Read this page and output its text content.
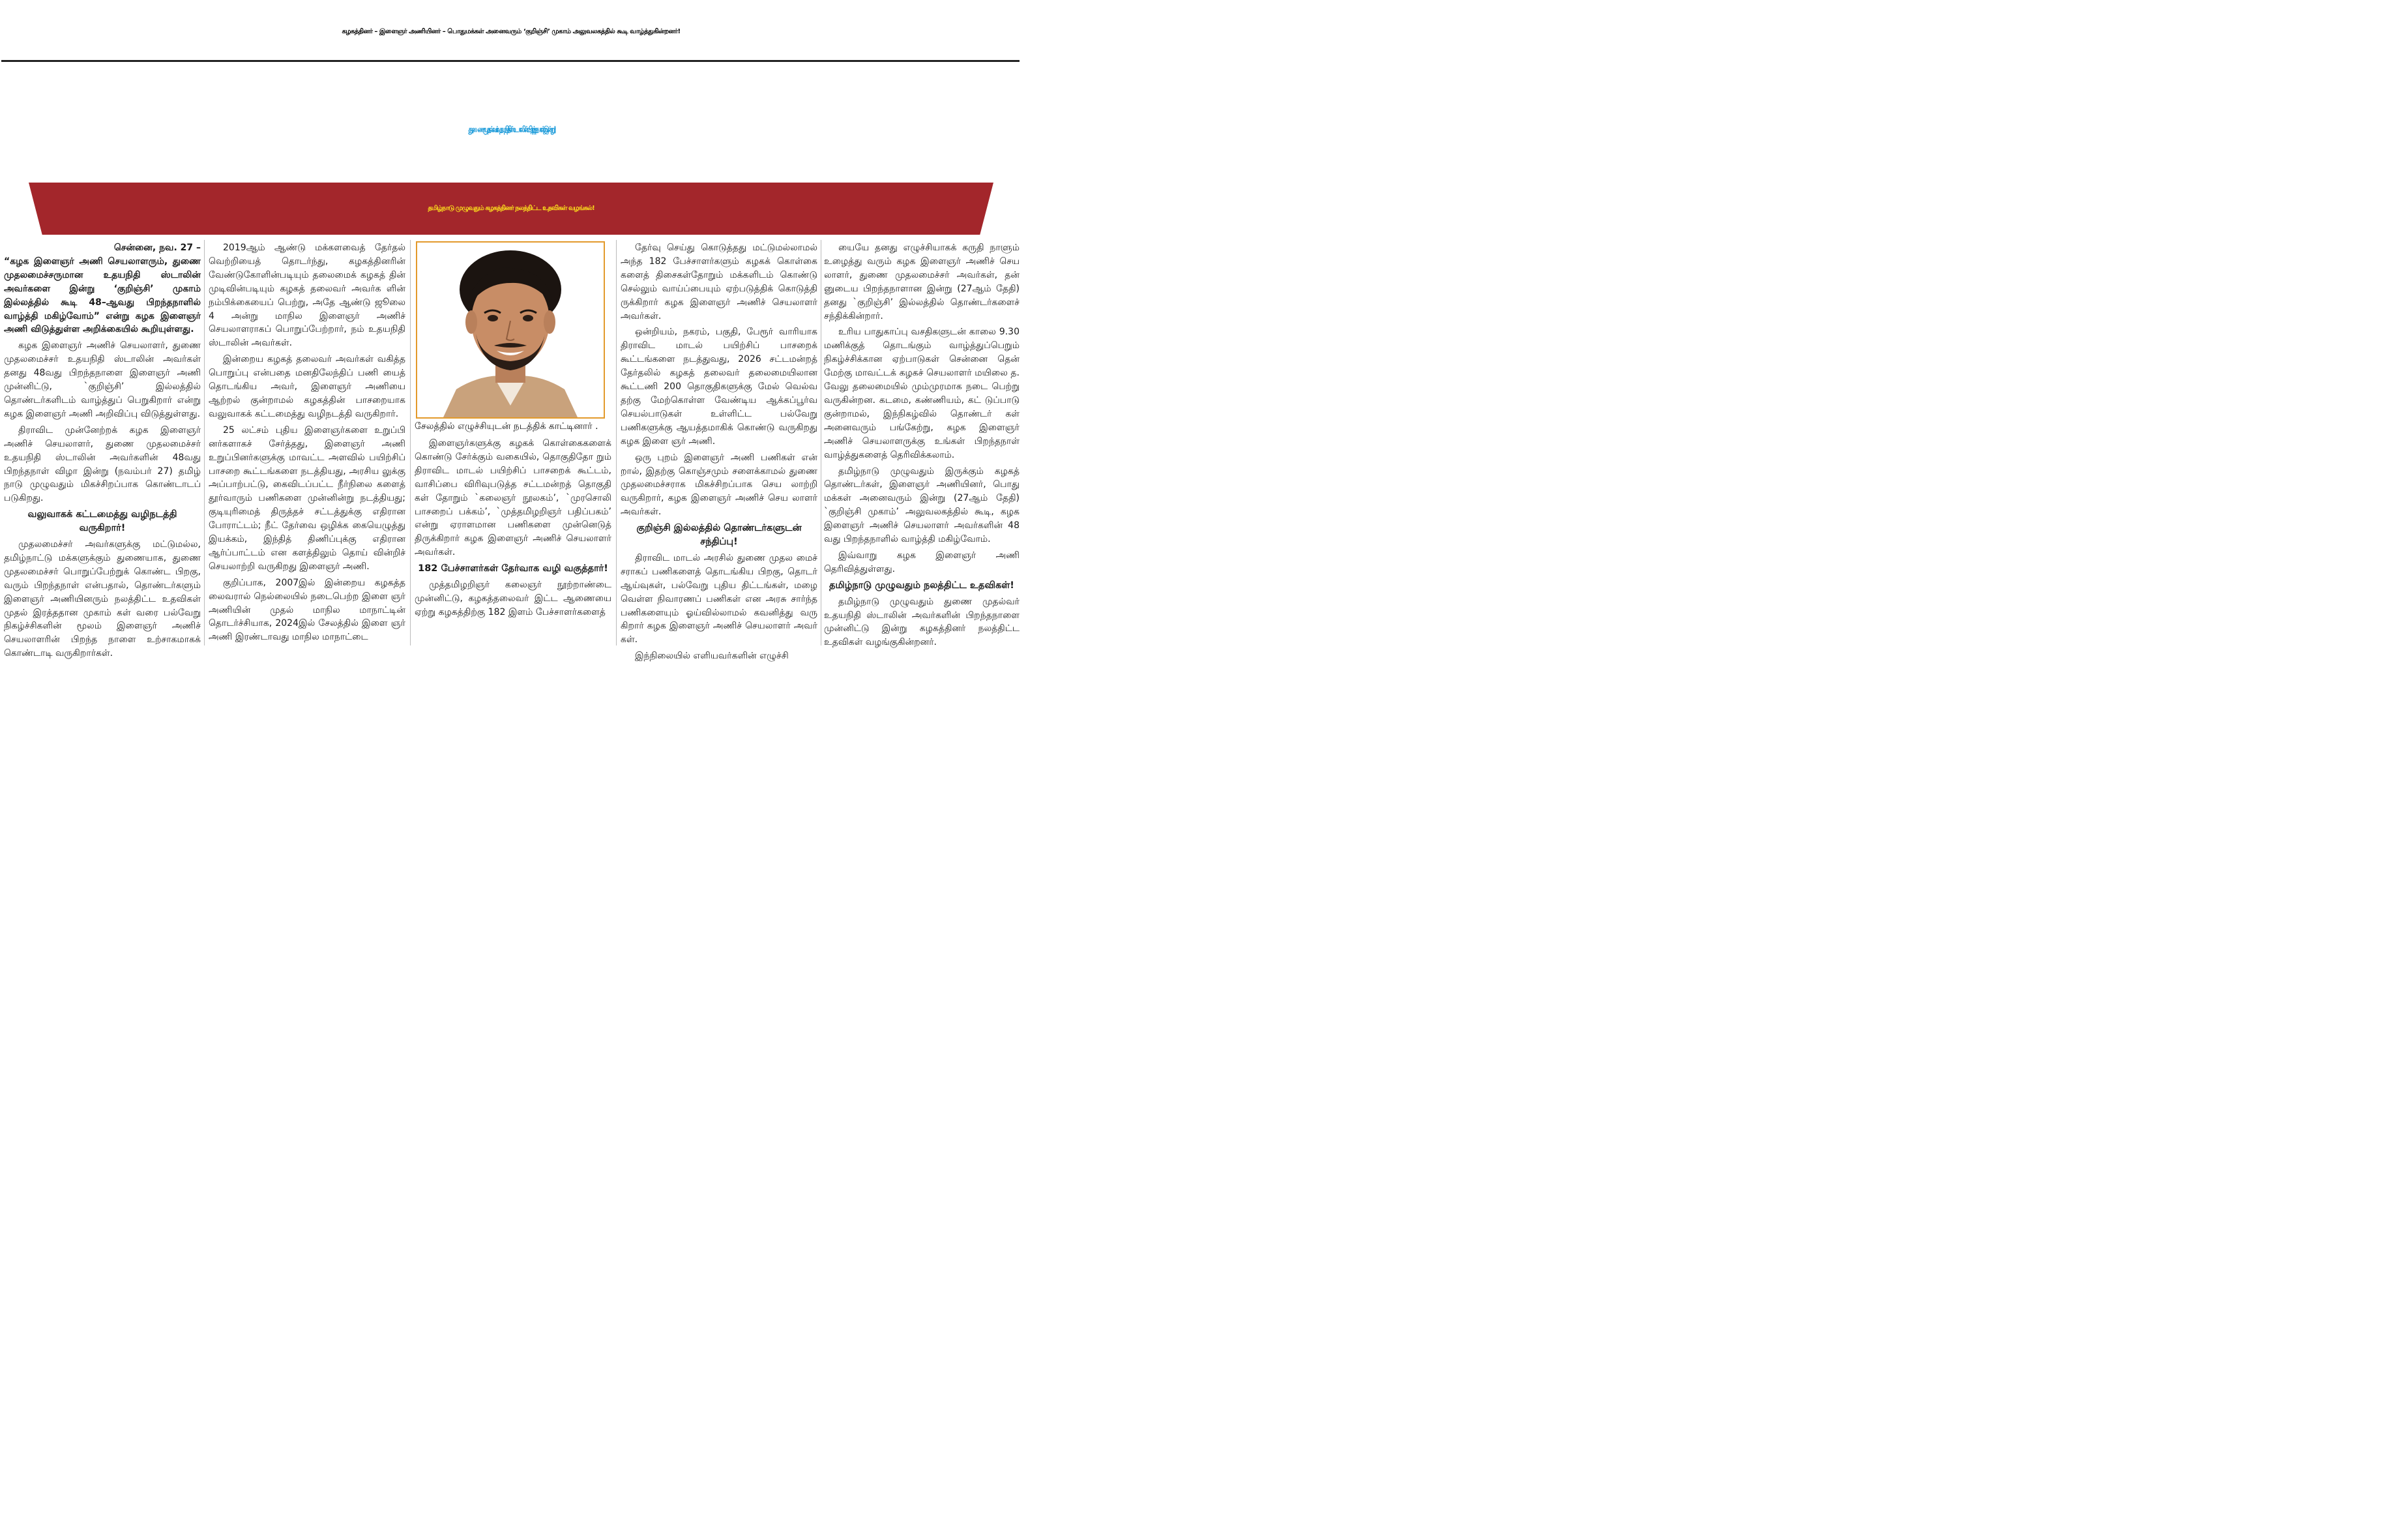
கழகத்தினர் – இளைஞர் அணியினர் – பொதுமக்கள் அனைவரும் ‘குறிஞ்சி’ முகாம் அலுவலகத்தில் கூடி வாழ்த்துகின்றனர்!
துணை முதல்வர் உதயநிதி ஸ்டாலின் பிறந்தநாள் இன்று!
தமிழ்நாடு முழுவதும் கழகத்தினர் நலத்திட்ட உதவிகள் வழங்கல்!

சென்னை, நவ. 27 –

“கழக இளைஞர் அணி செயலாளரும், துணை முதலமைச்சருமான உதயநிதி ஸ்டாலின் அவர்களை இன்று ‘குறிஞ்சி’ முகாம் இல்லத்தில் கூடி 48–ஆவது பிறந்தநாளில் வாழ்த்தி மகிழ்வோம்” என்று கழக இளைஞர் அணி விடுத்துள்ள அறிக்கையில் கூறியுள்ளது.

கழக இளைஞர் அணிச் செயலாளர், துணை முதலமைச்சர் உதயநிதி ஸ்டாலின் அவர்கள் தனது 48வது பிறந்தநாளை இளைஞர் அணி முன்னிட்டு, `குறிஞ்சி’ இல்லத்தில் தொண்டர்களிடம் வாழ்த்துப் பெறுகிறார் என்று கழக இளைஞர் அணி அறிவிப்பு விடுத்துள்ளது.

திராவிட முன்னேற்றக் கழக இளைஞர் அணிச் செயலாளர், துணை முதலமைச்சர் உதயநிதி ஸ்டாலின் அவர்களின் 48வது பிறந்தநாள் விழா இன்று (நவம்பர் 27) தமிழ் நாடு முழுவதும் மிகச்சிறப்பாக கொண்டாடப் படுகிறது.

வலுவாகக் கட்டமைத்து வழிநடத்தி வருகிறார்!

முதலமைச்சர் அவர்களுக்கு மட்டுமல்ல, தமிழ்நாட்டு மக்களுக்கும் துணையாக, துணை முதலமைச்சர் பொறுப்பேற்றுக் கொண்ட பிறகு, வரும் பிறந்தநாள் என்பதால், தொண்டர்களும் இளைஞர் அணியினரும் நலத்திட்ட உதவிகள் முதல் இரத்ததான முகாம் கள் வரை பல்வேறு நிகழ்ச்சிகளின் மூலம் இளைஞர் அணிச் செயலாளரின் பிறந்த நாளை உற்சாகமாகக் கொண்டாடி வருகிறார்கள்.

2019ஆம் ஆண்டு மக்களவைத் தேர்தல் வெற்றியைத் தொடர்ந்து, கழகத்தினரின் வேண்டுகோளின்படியும் தலைமைக் கழகத் தின் முடிவின்படியும் கழகத் தலைவர் அவர்க ளின் நம்பிக்கையைப் பெற்று, அதே ஆண்டு ஜூலை 4 அன்று மாநில இளைஞர் அணிச் செயலாளராகப் பொறுப்பேற்றார், நம் உதயநிதி ஸ்டாலின் அவர்கள்.

இன்றைய கழகத் தலைவர் அவர்கள் வகித்த பொறுப்பு என்பதை மனதிலேந்திப் பணி யைத் தொடங்கிய அவர், இளைஞர் அணியை ஆற்றல் குன்றாமல் கழகத்தின் பாசறையாக வலுவாகக் கட்டமைத்து வழிநடத்தி வருகிறார்.

25 லட்சம் புதிய இளைஞர்களை உறுப்பி னர்களாகச் சேர்த்தது, இளைஞர் அணி உறுப்பினர்களுக்கு மாவட்ட அளவில் பயிற்சிப் பாசறை கூட்டங்களை நடத்தியது, அரசிய லுக்கு அப்பாற்பட்டு, கைவிடப்பட்ட நீர்நிலை களைத் தூர்வாரும் பணிகளை முன்னின்று நடத்தியது; குடியுரிமைத் திருத்தச் சட்டத்துக்கு எதிரான போராட்டம்; நீட் தேர்வை ஒழிக்க கையெழுத்து இயக்கம், இந்தித் திணிப்புக்கு எதிரான ஆர்ப்பாட்டம் என களத்திலும் தொய் வின்றிச் செயலாற்றி வருகிறது இளைஞர் அணி.

குறிப்பாக, 2007இல் இன்றைய கழகத்த லைவரால் நெல்லையில் நடைபெற்ற இளை ஞர் அணியின் முதல் மாநில மாநாட்டின் தொடர்ச்சியாக, 2024இல் சேலத்தில் இளை ஞர் அணி இரண்டாவது மாநில மாநாட்டை

சேலத்தில் எழுச்சியுடன் நடத்திக் காட்டினார் .

இளைஞர்களுக்கு கழகக் கொள்கைகளைக் கொண்டு சேர்க்கும் வகையில், தொகுதிதோ றும் திராவிட மாடல் பயிற்சிப் பாசறைக் கூட்டம், வாசிப்பை விரிவுபடுத்த சட்டமன்றத் தொகுதி கள் தோறும் `கலைஞர் நூலகம்’, `முரசொலி பாசறைப் பக்கம்’, `முத்தமிழறிஞர் பதிப்பகம்’ என்று ஏராளமான பணிகளை முன்னெடுத் திருக்கிறார் கழக இளைஞர் அணிச் செயலாளர் அவர்கள்.

182 பேச்சாளர்கள் தேர்வாக வழி வகுத்தார்!

முத்தமிழறிஞர் கலைஞர் நூற்றாண்டை முன்னிட்டு, கழகத்தலைவர் இட்ட ஆணையை ஏற்று கழகத்திற்கு 182 இளம் பேச்சாளர்களைத்

தேர்வு செய்து கொடுத்தது மட்டுமல்லாமல் அந்த 182 பேச்சாளர்களும் கழகக் கொள்கை களைத் திசைகள்தோறும் மக்களிடம் கொண்டு செல்லும் வாய்ப்பையும் ஏற்படுத்திக் கொடுத்தி ருக்கிறார் கழக இளைஞர் அணிச் செயலாளர் அவர்கள்.

ஒன்றியம், நகரம், பகுதி, பேரூர் வாரியாக திராவிட மாடல் பயிற்சிப் பாசறைக் கூட்டங்களை நடத்துவது, 2026 சட்டமன்றத் தேர்தலில் கழகத் தலைவர் தலைமையிலான கூட்டணி 200 தொகுதிகளுக்கு மேல் வெல்வ தற்கு மேற்கொள்ள வேண்டிய ஆக்கப்பூர்வ செயல்பாடுகள் உள்ளிட்ட பல்வேறு பணிகளுக்கு ஆயத்தமாகிக் கொண்டு வருகிறது கழக இளை ஞர் அணி.

ஒரு புறம் இளைஞர் அணி பணிகள் என் றால், இதற்கு கொஞ்சமும் சளைக்காமல் துணை முதலமைச்சராக மிகச்சிறப்பாக செய லாற்றி வருகிறார், கழக இளைஞர் அணிச் செய லாளர் அவர்கள்.

குறிஞ்சி இல்லத்தில் தொண்டர்களுடன் சந்திப்பு!

திராவிட மாடல் அரசில் துணை முதல மைச் சராகப் பணிகளைத் தொடங்கிய பிறகு, தொடர் ஆய்வுகள், பல்வேறு புதிய திட்டங்கள், மழை வெள்ள நிவாரணப் பணிகள் என அரசு சார்ந்த பணிகளையும் ஓய்வில்லாமல் கவனித்து வரு கிறார் கழக இளைஞர் அணிச் செயலாளர் அவர் கள்.

இந்நிலையில் எளியவர்களின் எழுச்சி

யையே தனது எழுச்சியாகக் கருதி நாளும் உழைத்து வரும் கழக இளைஞர் அணிச் செய லாளர், துணை முதலமைச்சர் அவர்கள், தன் னுடைய பிறந்தநாளான இன்று (27ஆம் தேதி) தனது `குறிஞ்சி’ இல்லத்தில் தொண்டர்களைச் சந்திக்கின்றார்.

உரிய பாதுகாப்பு வசதிகளுடன் காலை 9.30 மணிக்குத் தொடங்கும் வாழ்த்துப்பெறும் நிகழ்ச்சிக்கான ஏற்பாடுகள் சென்னை தென் மேற்கு மாவட்டக் கழகச் செயலாளர் மயிலை த. வேலு தலைமையில் மும்முரமாக நடை பெற்று வருகின்றன. கடமை, கண்ணியம், கட் டுப்பாடு குன்றாமல், இந்நிகழ்வில் தொண்டர் கள் அனைவரும் பங்கேற்று, கழக இளைஞர் அணிச் செயலாளருக்கு உங்கள் பிறந்தநாள் வாழ்த்துகளைத் தெரிவிக்கலாம்.

தமிழ்நாடு முழுவதும் இருக்கும் கழகத் தொண்டர்கள், இளைஞர் அணியினர், பொது மக்கள் அனைவரும் இன்று (27ஆம் தேதி) `குறிஞ்சி முகாம்’ அலுவலகத்தில் கூடி, கழக இளைஞர் அணிச் செயலாளர் அவர்களின் 48 வது பிறந்தநாளில் வாழ்த்தி மகிழ்வோம்.

இவ்வாறு கழக இளைஞர் அணி தெரிவித்துள்ளது.

தமிழ்நாடு முழுவதும் நலத்திட்ட உதவிகள்!

தமிழ்நாடு முழுவதும் துணை முதல்வர் உதயநிதி ஸ்டாலின் அவர்களின் பிறந்தநாளை முன்னிட்டு இன்று கழகத்தினர் நலத்திட்ட உதவிகள் வழங்குகின்றனர்.
